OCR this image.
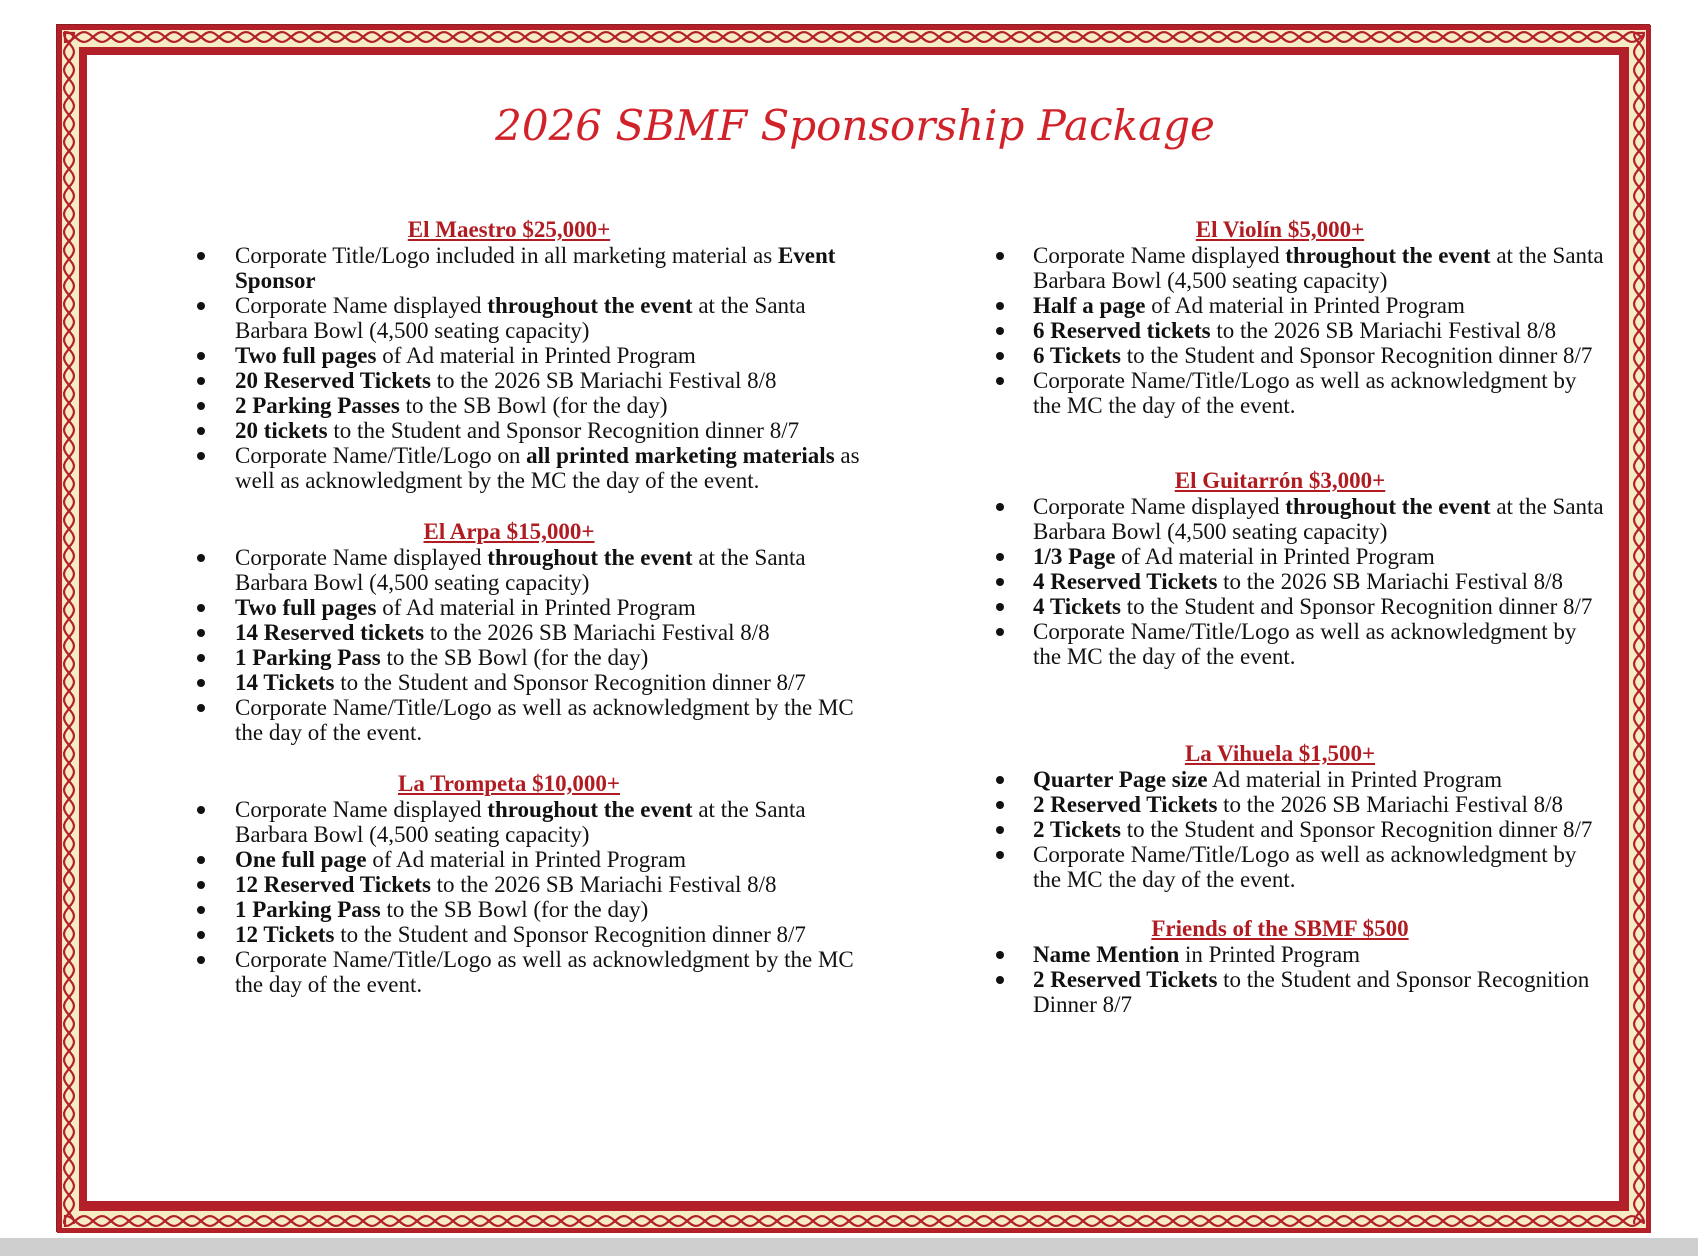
2026 SBMF Sponsorship Package
El Maestro $25,000+
Corporate Title/Logo included in all marketing material as Event Sponsor
Corporate Name displayed throughout the event at the Santa Barbara Bowl (4,500 seating capacity)
Two full pages of Ad material in Printed Program
20 Reserved Tickets to the 2026 SB Mariachi Festival 8/8
2 Parking Passes to the SB Bowl (for the day)
20 tickets to the Student and Sponsor Recognition dinner 8/7
Corporate Name/Title/Logo on all printed marketing materials as well as acknowledgment by the MC the day of the event.
El Arpa $15,000+
Corporate Name displayed throughout the event at the Santa Barbara Bowl (4,500 seating capacity)
Two full pages of Ad material in Printed Program
14 Reserved tickets to the 2026 SB Mariachi Festival 8/8
1 Parking Pass to the SB Bowl (for the day)
14 Tickets to the Student and Sponsor Recognition dinner 8/7
Corporate Name/Title/Logo as well as acknowledgment by the MC the day of the event.
La Trompeta $10,000+
Corporate Name displayed throughout the event at the Santa Barbara Bowl (4,500 seating capacity)
One full page of Ad material in Printed Program
12 Reserved Tickets to the 2026 SB Mariachi Festival 8/8
1 Parking Pass to the SB Bowl (for the day)
12 Tickets to the Student and Sponsor Recognition dinner 8/7
Corporate Name/Title/Logo as well as acknowledgment by the MC the day of the event.
El Violín $5,000+
Corporate Name displayed throughout the event at the Santa Barbara Bowl (4,500 seating capacity)
Half a page of Ad material in Printed Program
6 Reserved tickets to the 2026 SB Mariachi Festival 8/8
6 Tickets to the Student and Sponsor Recognition dinner 8/7
Corporate Name/Title/Logo as well as acknowledgment by the MC the day of the event.
El Guitarrón $3,000+
Corporate Name displayed throughout the event at the Santa Barbara Bowl (4,500 seating capacity)
1/3 Page of Ad material in Printed Program
4 Reserved Tickets to the 2026 SB Mariachi Festival 8/8
4 Tickets to the Student and Sponsor Recognition dinner 8/7
Corporate Name/Title/Logo as well as acknowledgment by the MC the day of the event.
La Vihuela $1,500+
Quarter Page size Ad material in Printed Program
2 Reserved Tickets to the 2026 SB Mariachi Festival 8/8
2 Tickets to the Student and Sponsor Recognition dinner 8/7
Corporate Name/Title/Logo as well as acknowledgment by the MC the day of the event.
Friends of the SBMF $500
Name Mention in Printed Program
2 Reserved Tickets to the Student and Sponsor Recognition Dinner 8/7
